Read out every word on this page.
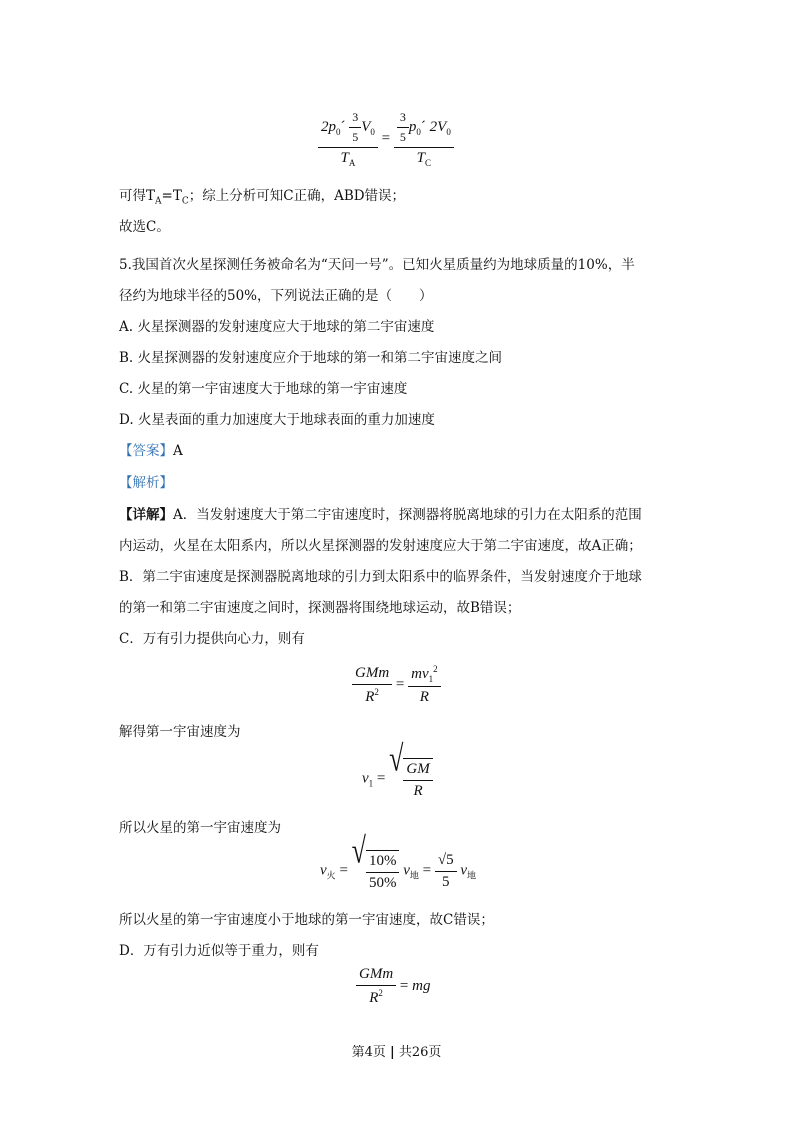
$\frac{2p_0´ \frac{3}{5} V_0}{T_A} = \frac{\frac{3}{5} p_0´ 2V_0}{T_C}$
可得$T_A=T_C$；综上分析可知C正确，ABD错误；
故选C。
5.我国首次火星探测任务被命名为“天问一号”。已知火星质量约为地球质量的10%，半
径约为地球半径的50%，下列说法正确的是（　　）
A. 火星探测器的发射速度应大于地球的第二宇宙速度
B. 火星探测器的发射速度应介于地球的第一和第二宇宙速度之间
C. 火星的第一宇宙速度大于地球的第一宇宙速度
D. 火星表面的重力加速度大于地球表面的重力加速度
【答案】A
【解析】
【详解】A．当发射速度大于第二宇宙速度时，探测器将脱离地球的引力在太阳系的范围
内运动，火星在太阳系内，所以火星探测器的发射速度应大于第二宇宙速度，故A正确；
B．第二宇宙速度是探测器脱离地球的引力到太阳系中的临界条件，当发射速度介于地球
的第一和第二宇宙速度之间时，探测器将围绕地球运动，故B错误；
C．万有引力提供向心力，则有
$\frac{\text{GMm}}{R^2} = \frac{mv_1^2}{R}$
解得第一宇宙速度为
$v_1$ = √
$\frac{GM}{R}$
所以火星的第一宇宙速度为
$v_火$ = √
$\frac{10\%}{50\%} v_地 = \frac{√5}{5} v_地$
所以火星的第一宇宙速度小于地球的第一宇宙速度，故C错误；
D．万有引力近似等于重力，则有
$\frac{\text{GMm}}{R^2}$ = mg
第4页 | 共26页
